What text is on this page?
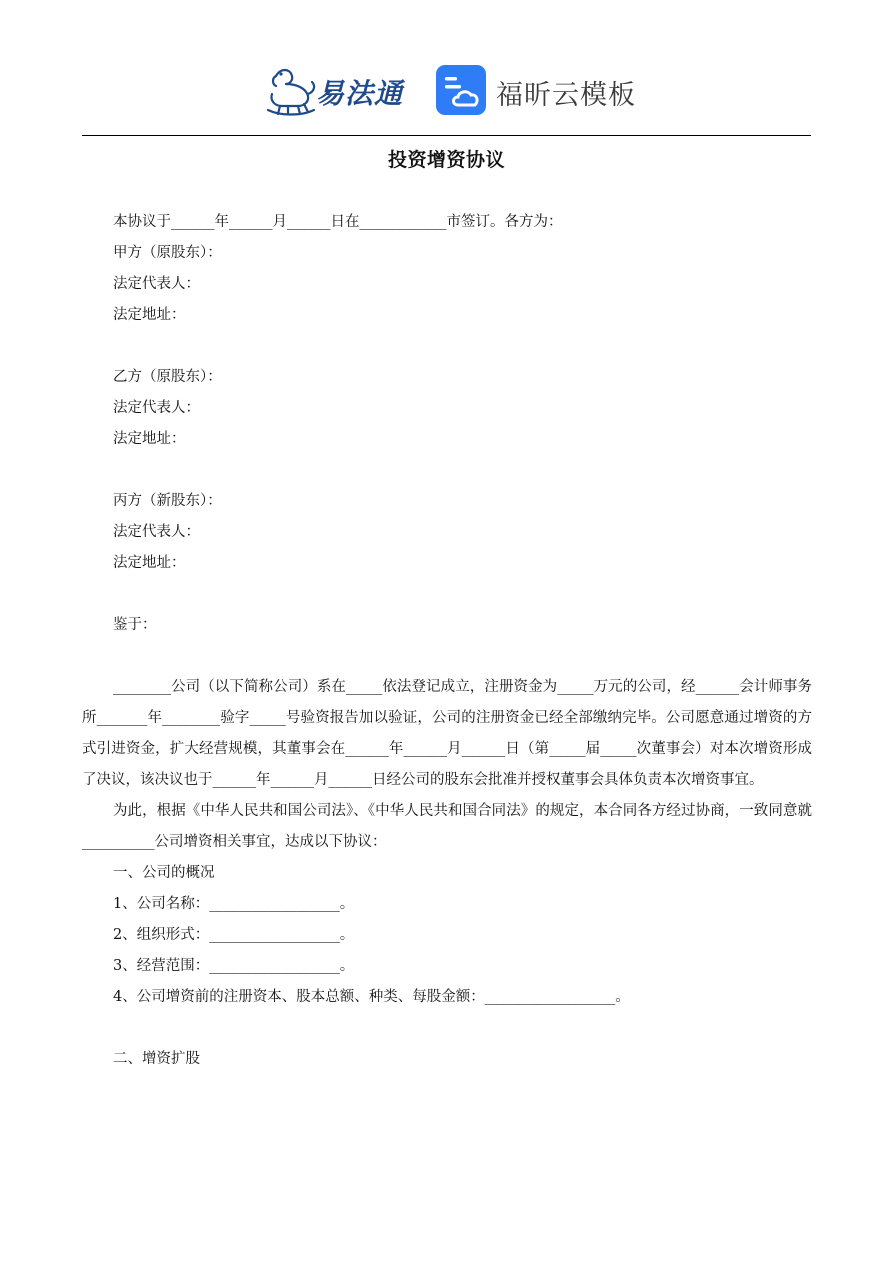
易法通	福昕云模板
投资增资协议
本协议于______年______月______日在____________市签订。各方为：
甲方（原股东）：
法定代表人：
法定地址：
乙方（原股东）：
法定代表人：
法定地址：
丙方（新股东）：
法定代表人：
法定地址：
鉴于：
________公司（以下简称公司）系在_____依法登记成立，注册资金为_____万元的公司，经______会计师事务所_______年________验字_____号验资报告加以验证，公司的注册资金已经全部缴纳完毕。公司愿意通过增资的方式引进资金，扩大经营规模，其董事会在______年______月______日（第_____届_____次董事会）对本次增资形成了决议，该决议也于______年______月______日经公司的股东会批准并授权董事会具体负责本次增资事宜。
为此，根据《中华人民共和国公司法》、《中华人民共和国合同法》的规定，本合同各方经过协商，一致同意就__________公司增资相关事宜，达成以下协议：
一、公司的概况
1、公司名称：__________________。
2、组织形式：__________________。
3、经营范围：__________________。
4、公司增资前的注册资本、股本总额、种类、每股金额：__________________。
二、增资扩股
